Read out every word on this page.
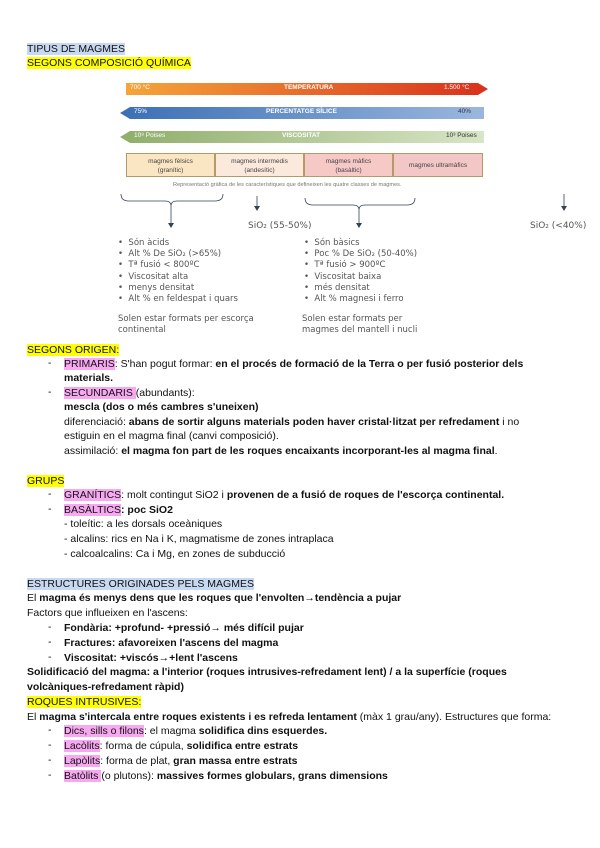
TIPUS DE MAGMES
SEGONS COMPOSICIÓ QUÍMICA
700 °C	TEMPERATURA	1.500 °C
75%	PERCENTATGE SÍLICE	40%
10⁸ Poises	VISCOSITAT	10³ Poises
magmes fèlsics
(granític)
magmes intermedis
(andesític)
magmes màfics
(basàltic)
magmes ultramàfics
Representació gràfica de les característiques que defineixen les quatre classes de magmes.
SiO₂ (55-50%)	SiO₂ (<40%)
•  Són àcids
•  Alt % De SiO₂ (>65%)
•  Tª fusió < 800ºC
•  Viscositat alta
•  menys densitat
•  Alt % en feldespat i quars
Solen estar formats per escorça
continental
•  Són bàsics
•  Poc % De SiO₂ (50-40%)
•  Tª fusió > 900ºC
•  Viscositat baixa
•  més densitat
•  Alt % magnesi i ferro
Solen estar formats per
magmes del mantell i nucli
SEGONS ORIGEN:
- PRIMARIS: S'han pogut formar: en el procés de formació de la Terra o per fusió posterior dels
materials.
- SECUNDARIS (abundants):
mescla (dos o més cambres s'uneixen)
diferenciació: abans de sortir alguns materials poden haver cristal·litzat per refredament i no
estiguin en el magma final (canvi composició).
assimilació: el magma fon part de les roques encaixants incorporant-les al magma final.
GRUPS
- GRANÍTICS: molt contingut SiO2 i provenen de a fusió de roques de l'escorça continental.
- BASÀLTICS: poc SiO2
- toleític: a les dorsals oceàniques
- alcalins: rics en Na i K, magmatisme de zones intraplaca
- calcoalcalins: Ca i Mg, en zones de subducció
ESTRUCTURES ORIGINADES PELS MAGMES
El magma és menys dens que les roques que l'envolten→tendència a pujar
Factors que influeixen en l'ascens:
- Fondària: +profund- +pressió→ més difícil pujar
- Fractures: afavoreixen l'ascens del magma
- Viscositat: +viscós→+lent l'ascens
Solidificació del magma: a l'interior (roques intrusives-refredament lent) / a la superfície (roques
volcàniques-refredament ràpid)
ROQUES INTRUSIVES:
El magma s'intercala entre roques existents i es refreda lentament (màx 1 grau/any). Estructures que forma:
- Dics, sills o filons: el magma solidifica dins esquerdes.
- Lacòlits: forma de cúpula, solidifica entre estrats
- Lapòlits: forma de plat, gran massa entre estrats
- Batòlits (o plutons): massives formes globulars, grans dimensions
